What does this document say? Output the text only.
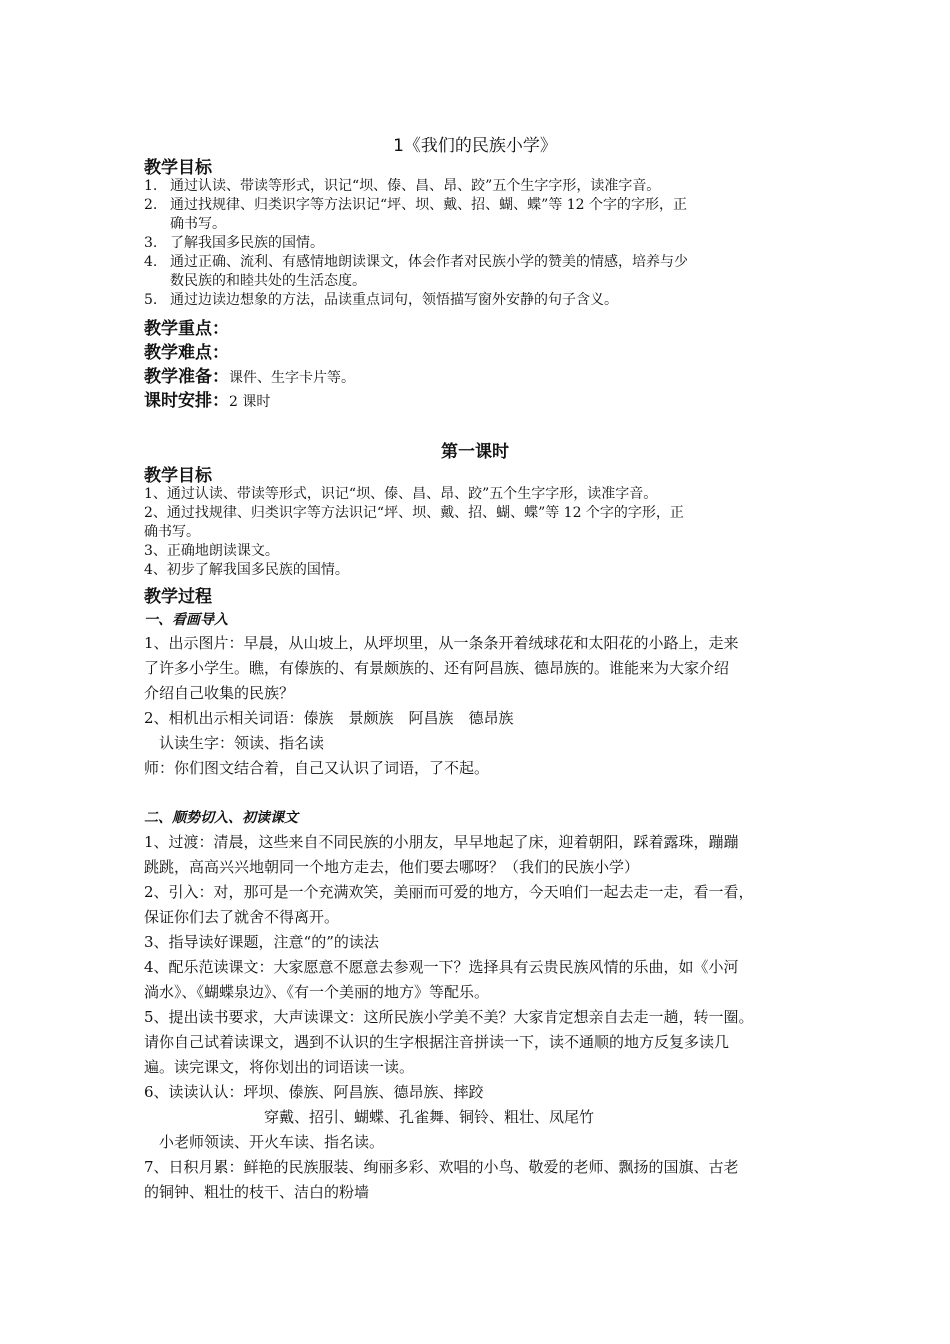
1《我们的民族小学》
教学目标
1. 通过认读、带读等形式，识记“坝、傣、昌、昂、跤”五个生字字形，读准字音。
2. 通过找规律、归类识字等方法识记“坪、坝、戴、招、蝴、蝶”等 12 个字的字形，正
确书写。
3. 了解我国多民族的国情。
4. 通过正确、流利、有感情地朗读课文，体会作者对民族小学的赞美的情感，培养与少
数民族的和睦共处的生活态度。
5. 通过边读边想象的方法，品读重点词句，领悟描写窗外安静的句子含义。
教学重点：
教学难点：
教学准备：课件、生字卡片等。
课时安排：2 课时
第一课时
教学目标
1、通过认读、带读等形式，识记“坝、傣、昌、昂、跤”五个生字字形，读准字音。
2、通过找规律、归类识字等方法识记“坪、坝、戴、招、蝴、蝶”等 12 个字的字形，正
确书写。
3、正确地朗读课文。
4、初步了解我国多民族的国情。
教学过程
一、看画导入
1、出示图片：早晨，从山坡上，从坪坝里，从一条条开着绒球花和太阳花的小路上，走来
了许多小学生。瞧，有傣族的、有景颇族的、还有阿昌族、德昂族的。谁能来为大家介绍
介绍自己收集的民族？
2、相机出示相关词语：傣族　景颇族　阿昌族　德昂族
　认读生字：领读、指名读
师：你们图文结合着，自己又认识了词语，了不起。
二、顺势切入、初读课文
1、过渡：清晨，这些来自不同民族的小朋友，早早地起了床，迎着朝阳，踩着露珠，蹦蹦
跳跳，高高兴兴地朝同一个地方走去，他们要去哪呀？（我们的民族小学）
2、引入：对，那可是一个充满欢笑，美丽而可爱的地方，今天咱们一起去走一走，看一看，
保证你们去了就舍不得离开。
3、指导读好课题，注意“的”的读法
4、配乐范读课文：大家愿意不愿意去参观一下？选择具有云贵民族风情的乐曲，如《小河
淌水》、《蝴蝶泉边》、《有一个美丽的地方》等配乐。
5、提出读书要求，大声读课文：这所民族小学美不美？大家肯定想亲自去走一趟，转一圈。
请你自己试着读课文，遇到不认识的生字根据注音拼读一下，读不通顺的地方反复多读几
遍。读完课文，将你划出的词语读一读。
6、读读认认：坪坝、傣族、阿昌族、德昂族、摔跤
　　　　　　　　穿戴、招引、蝴蝶、孔雀舞、铜铃、粗壮、凤尾竹
　小老师领读、开火车读、指名读。
7、日积月累：鲜艳的民族服装、绚丽多彩、欢唱的小鸟、敬爱的老师、飘扬的国旗、古老
的铜钟、粗壮的枝干、洁白的粉墙
